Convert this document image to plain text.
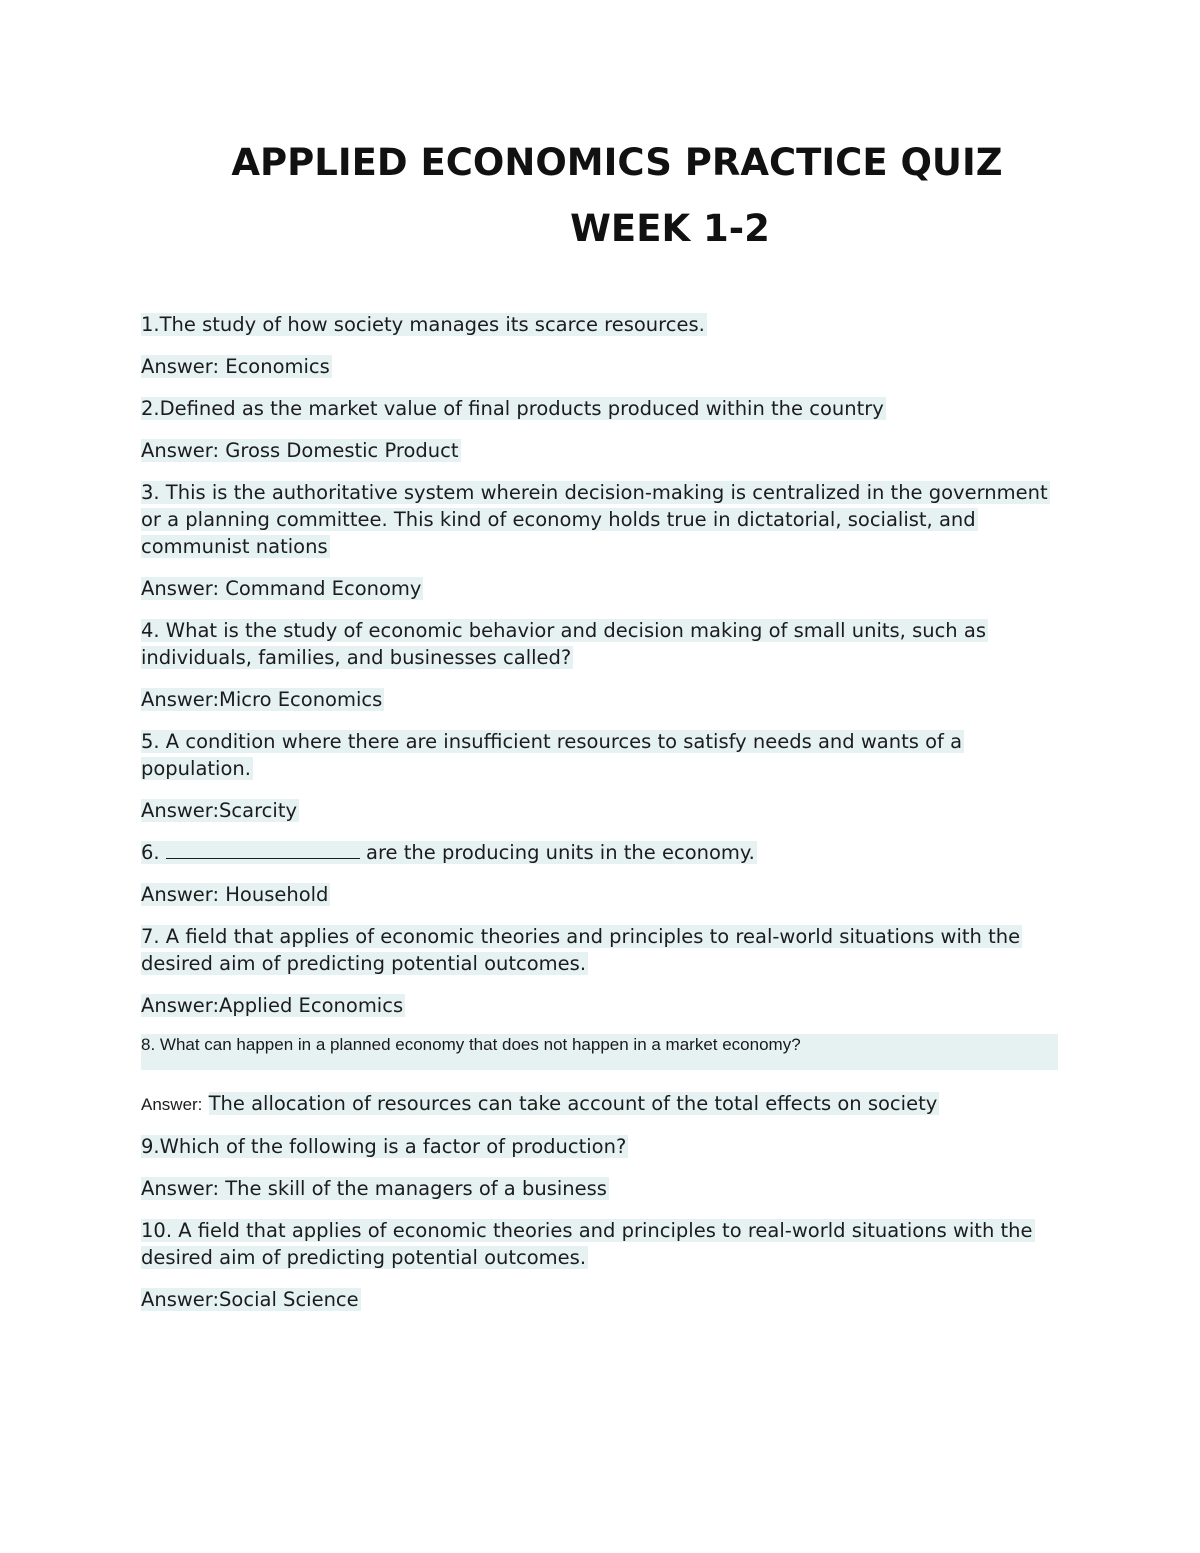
APPLIED ECONOMICS PRACTICE QUIZ
WEEK 1-2

1.The study of how society manages its scarce resources.

Answer: Economics

2.Defined as the market value of final products produced within the country

Answer: Gross Domestic Product

3. This is the authoritative system wherein decision-making is centralized in the government or a planning committee. This kind of economy holds true in dictatorial, socialist, and communist nations

Answer: Command Economy

4. What is the study of economic behavior and decision making of small units, such as individuals, families, and businesses called?

Answer:Micro Economics

5. A condition where there are insufficient resources to satisfy needs and wants of a population.

Answer:Scarcity

6.	are the producing units in the economy.

Answer: Household

7. A field that applies of economic theories and principles to real-world situations with the desired aim of predicting potential outcomes.

Answer:Applied Economics

8. What can happen in a planned economy that does not happen in a market economy?

Answer: The allocation of resources can take account of the total effects on society

9.Which of the following is a factor of production?

Answer: The skill of the managers of a business

10. A field that applies of economic theories and principles to real-world situations with the desired aim of predicting potential outcomes.

Answer:Social Science
